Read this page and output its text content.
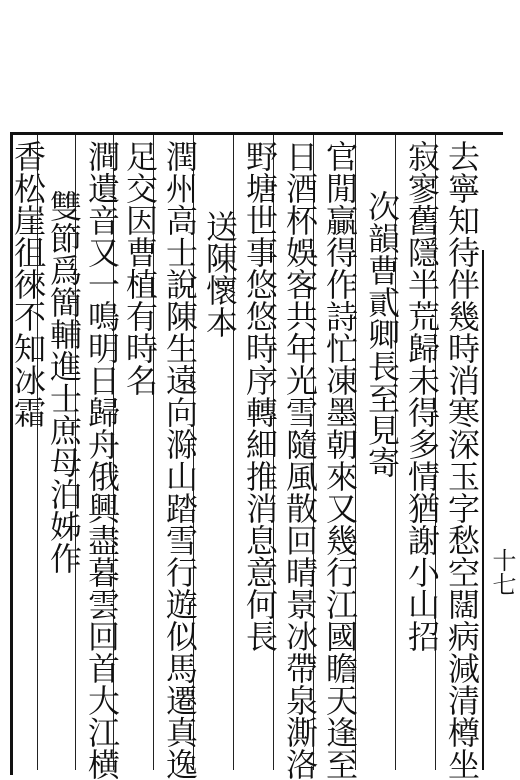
十七
去寧知待伴幾時消寒深玉字愁空闊病減清樽坐
寂寥舊隱半荒歸未得多情猶謝小山招
次韻曹貳卿長至見寄
官閒贏得作詩忙凍墨朝來又幾行江國瞻天逢至
日酒杯娛客共年光雪隨風散回晴景冰帶泉澌洛
野塘世事悠悠時序轉細推消息意何長
送陳懷本
潤州高士說陳生遠向滁山踏雪行遊似馬遷真逸
足交因曹植有時名
澗遺音又一鳴明日歸舟俄興盡暮雲回首大江横
雙節爲簡輔進士庶母泊姊作
香松崖徂徠不知冰霜
